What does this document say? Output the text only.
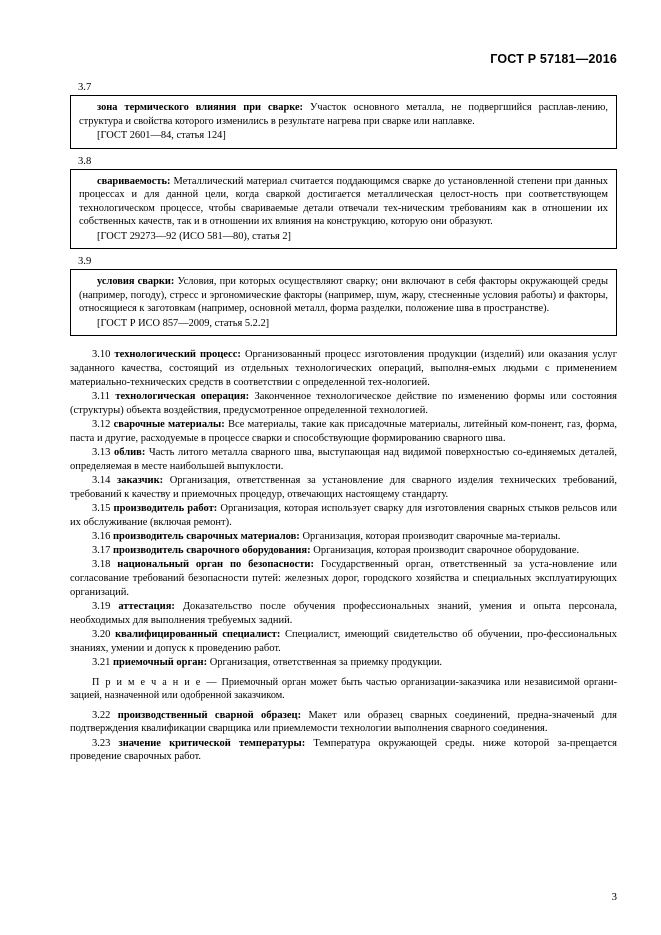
ГОСТ Р 57181—2016
3.7

зона термического влияния при сварке: Участок основного металла, не подвергшийся расплав-лению, структура и свойства которого изменились в результате нагрева при сварке или наплавке.

[ГОСТ 2601—84, статья 124]

3.8

свариваемость: Металлический материал считается поддающимся сварке до установленной степени при данных процессах и для данной цели, когда сваркой достигается металлическая целост-ность при соответствующем технологическом процессе, чтобы свариваемые детали отвечали тех-ническим требованиям как в отношении их собственных качеств, так и в отношении их влияния на конструкцию, которую они образуют.

[ГОСТ 29273—92 (ИСО 581—80), статья 2]

3.9

условия сварки: Условия, при которых осуществляют сварку; они включают в себя факторы окружающей среды (например, погоду), стресс и эргономические факторы (например, шум, жару, стесненные условия работы) и факторы, относящиеся к заготовкам (например, основной металл, форма разделки, положение шва в пространстве).

[ГОСТ Р ИСО 857—2009, статья 5.2.2]

3.10 технологический процесс: Организованный процесс изготовления продукции (изделий) или оказания услуг заданного качества, состоящий из отдельных технологических операций, выполня-емых людьми с применением материально-технических средств в соответствии с определенной тех-нологией.

3.11 технологическая операция: Законченное технологическое действие по изменению формы или состояния (структуры) объекта воздействия, предусмотренное определенной технологией.

3.12 сварочные материалы: Все материалы, такие как присадочные материалы, литейный ком-понент, газ, форма, паста и другие, расходуемые в процессе сварки и способствующие формированию сварного шва.

3.13 облив: Часть литого металла сварного шва, выступающая над видимой поверхностью со-единяемых деталей, определяемая в месте наибольшей выпуклости.

3.14 заказчик: Организация, ответственная за установление для сварного изделия технических требований, требований к качеству и приемочных процедур, отвечающих настоящему стандарту.

3.15 производитель работ: Организация, которая использует сварку для изготовления сварных стыков рельсов или их обслуживание (включая ремонт).

3.16 производитель сварочных материалов: Организация, которая производит сварочные ма-териалы.

3.17 производитель сварочного оборудования: Организация, которая производит сварочное оборудование.

3.18 национальный орган по безопасности: Государственный орган, ответственный за уста-новление или согласование требований безопасности путей: железных дорог, городского хозяйства и специальных эксплуатирующих организаций.

3.19 аттестация: Доказательство после обучения профессиональных знаний, умения и опыта персонала, необходимых для выполнения требуемых задний.

3.20 квалифицированный специалист: Специалист, имеющий свидетельство об обучении, про-фессиональных знаниях, умении и допуск к проведению работ.

3.21 приемочный орган: Организация, ответственная за приемку продукции.

П р и м е ч а н и е — Приемочный орган может быть частью организации-заказчика или независимой органи-зацией, назначенной или одобренной заказчиком.

3.22 производственный сварной образец: Макет или образец сварных соединений, предна-значеный для подтверждения квалификации сварщика или приемлемости технологии выполнения сварного соединения.

3.23 значение критической температуры: Температура окружающей среды. ниже которой за-прещается проведение сварочных работ.

3
